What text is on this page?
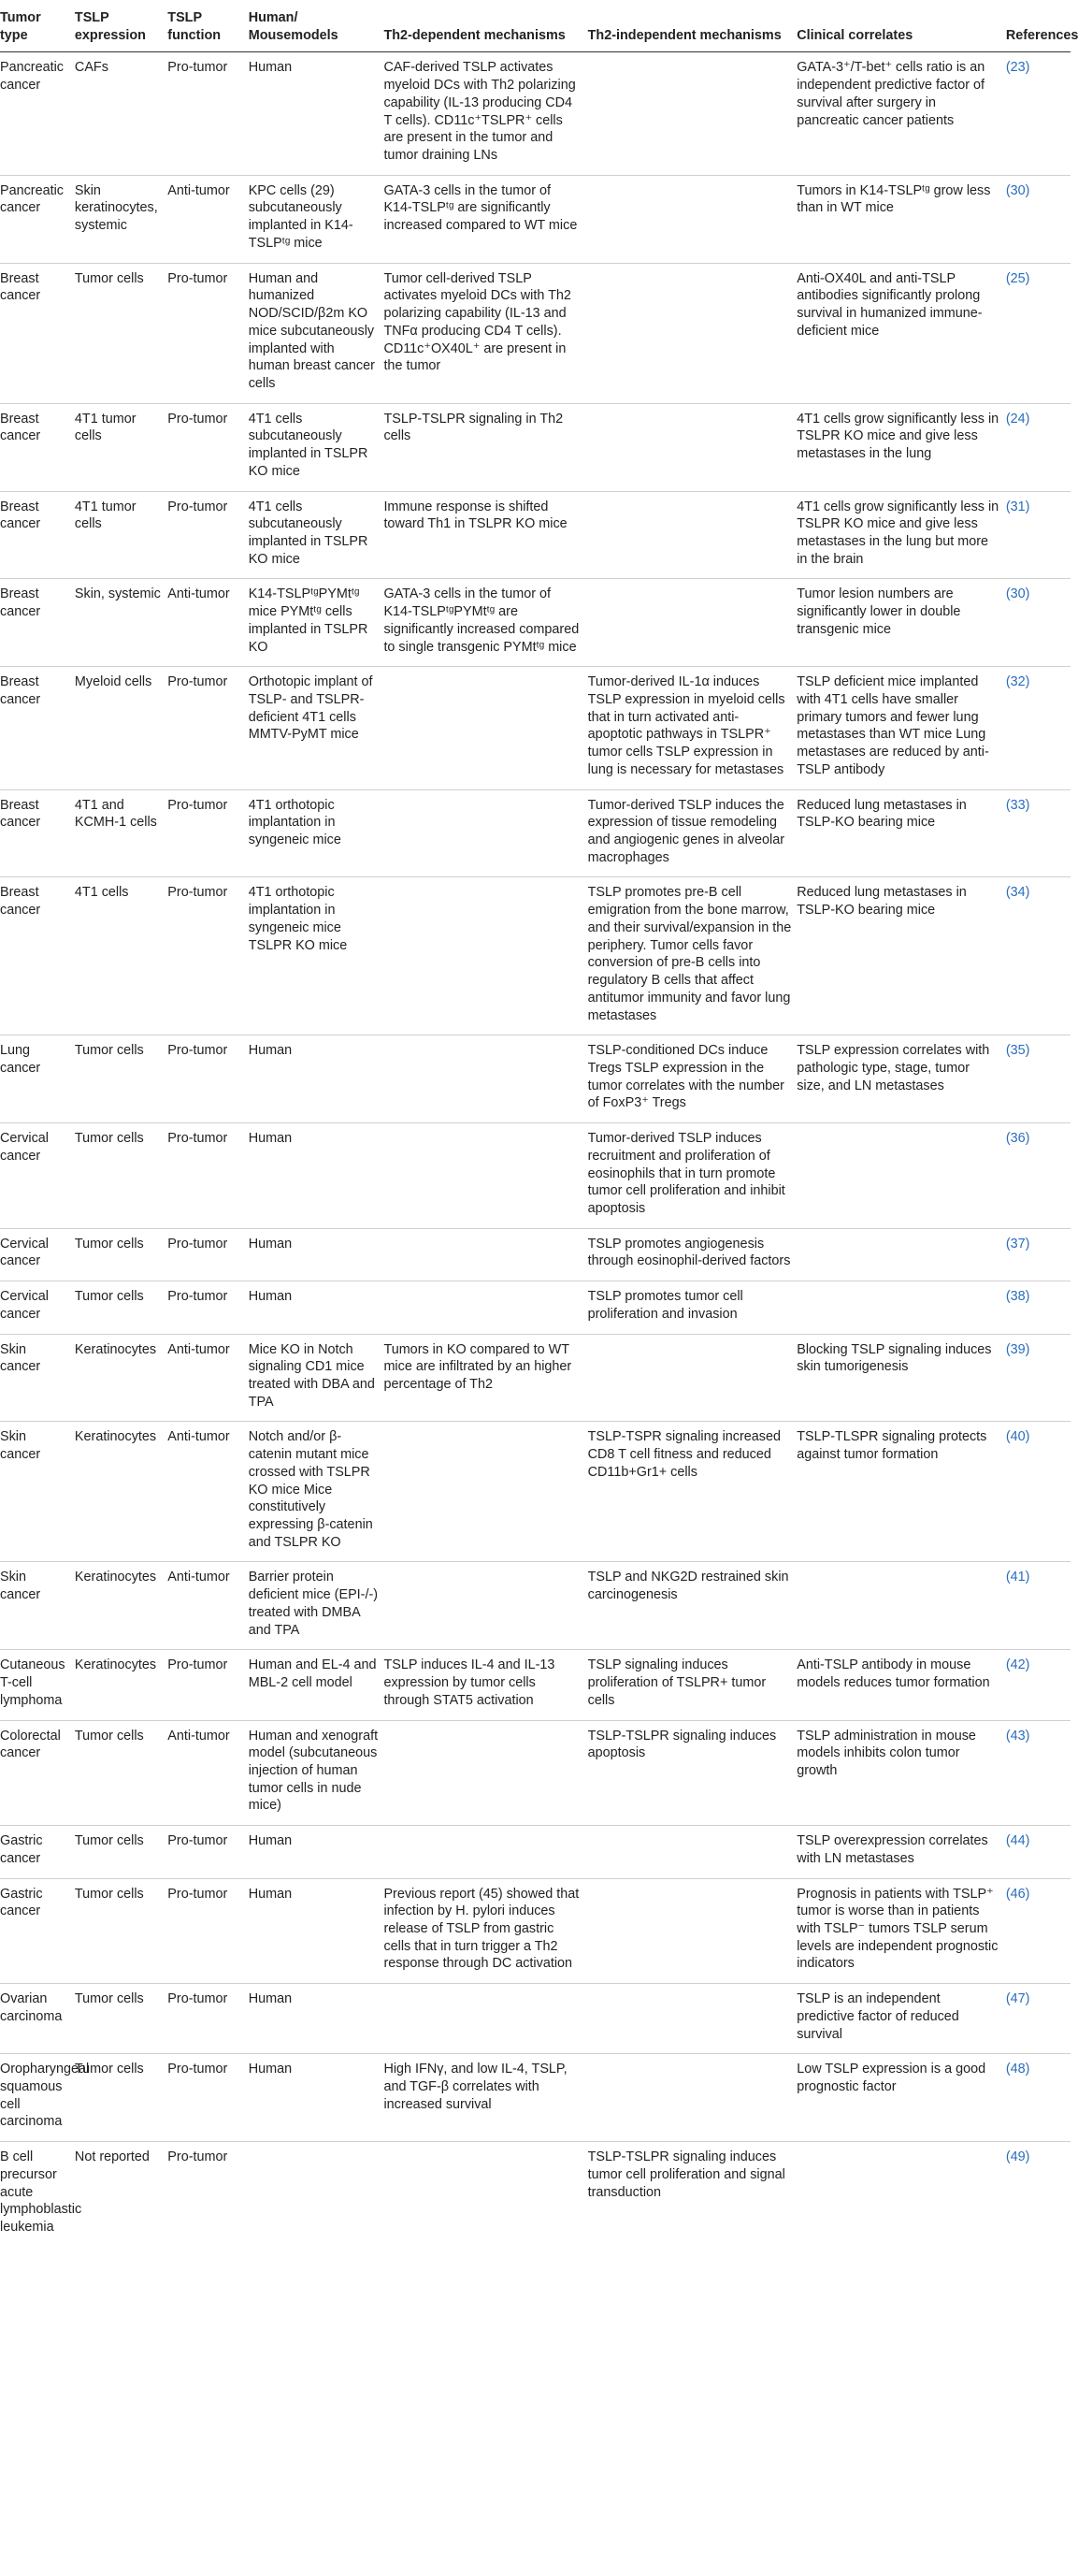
Tumor type	TSLP expression	TSLP function	Human/ Mousemodels	Th2-dependent mechanisms	Th2-independent mechanisms	Clinical correlates	References
Pancreatic cancer	CAFs	Pro-tumor	Human	CAF-derived TSLP activates myeloid DCs with Th2 polarizing capability (IL-13 producing CD4 T cells). CD11c⁺TSLPR⁺ cells are present in the tumor and tumor draining LNs		GATA-3⁺/T-bet⁺ cells ratio is an independent predictive factor of survival after surgery in pancreatic cancer patients	(23)
Pancreatic cancer	Skin keratinocytes, systemic	Anti-tumor	KPC cells (29) subcutaneously implanted in K14-TSLPᵗᵍ mice	GATA-3 cells in the tumor of K14-TSLPᵗᵍ are significantly increased compared to WT mice		Tumors in K14-TSLPᵗᵍ grow less than in WT mice	(30)
Breast cancer	Tumor cells	Pro-tumor	Human and humanized NOD/SCID/β2m KO mice subcutaneously implanted with human breast cancer cells	Tumor cell-derived TSLP activates myeloid DCs with Th2 polarizing capability (IL-13 and TNFα producing CD4 T cells). CD11c⁺OX40L⁺ are present in the tumor		Anti-OX40L and anti-TSLP antibodies significantly prolong survival in humanized immune-deficient mice	(25)
Breast cancer	4T1 tumor cells	Pro-tumor	4T1 cells subcutaneously implanted in TSLPR KO mice	TSLP-TSLPR signaling in Th2 cells		4T1 cells grow significantly less in TSLPR KO mice and give less metastases in the lung	(24)
Breast cancer	4T1 tumor cells	Pro-tumor	4T1 cells subcutaneously implanted in TSLPR KO mice	Immune response is shifted toward Th1 in TSLPR KO mice		4T1 cells grow significantly less in TSLPR KO mice and give less metastases in the lung but more in the brain	(31)
Breast cancer	Skin, systemic	Anti-tumor	K14-TSLPᵗᵍPYMtᵗᵍ mice PYMtᵗᵍ cells implanted in TSLPR KO	GATA-3 cells in the tumor of K14-TSLPᵗᵍPYMtᵗᵍ are significantly increased compared to single transgenic PYMtᵗᵍ mice		Tumor lesion numbers are significantly lower in double transgenic mice	(30)
Breast cancer	Myeloid cells	Pro-tumor	Orthotopic implant of TSLP- and TSLPR-deficient 4T1 cells MMTV-PyMT mice		Tumor-derived IL-1α induces TSLP expression in myeloid cells that in turn activated anti-apoptotic pathways in TSLPR⁺ tumor cells TSLP expression in lung is necessary for metastases	TSLP deficient mice implanted with 4T1 cells have smaller primary tumors and fewer lung metastases than WT mice Lung metastases are reduced by anti-TSLP antibody	(32)
Breast cancer	4T1 and KCMH-1 cells	Pro-tumor	4T1 orthotopic implantation in syngeneic mice		Tumor-derived TSLP induces the expression of tissue remodeling and angiogenic genes in alveolar macrophages	Reduced lung metastases in TSLP-KO bearing mice	(33)
Breast cancer	4T1 cells	Pro-tumor	4T1 orthotopic implantation in syngeneic mice TSLPR KO mice		TSLP promotes pre-B cell emigration from the bone marrow, and their survival/expansion in the periphery. Tumor cells favor conversion of pre-B cells into regulatory B cells that affect antitumor immunity and favor lung metastases	Reduced lung metastases in TSLP-KO bearing mice	(34)
Lung cancer	Tumor cells	Pro-tumor	Human		TSLP-conditioned DCs induce Tregs TSLP expression in the tumor correlates with the number of FoxP3⁺ Tregs	TSLP expression correlates with pathologic type, stage, tumor size, and LN metastases	(35)
Cervical cancer	Tumor cells	Pro-tumor	Human		Tumor-derived TSLP induces recruitment and proliferation of eosinophils that in turn promote tumor cell proliferation and inhibit apoptosis		(36)
Cervical cancer	Tumor cells	Pro-tumor	Human		TSLP promotes angiogenesis through eosinophil-derived factors		(37)
Cervical cancer	Tumor cells	Pro-tumor	Human		TSLP promotes tumor cell proliferation and invasion		(38)
Skin cancer	Keratinocytes	Anti-tumor	Mice KO in Notch signaling CD1 mice treated with DBA and TPA	Tumors in KO compared to WT mice are infiltrated by an higher percentage of Th2		Blocking TSLP signaling induces skin tumorigenesis	(39)
Skin cancer	Keratinocytes	Anti-tumor	Notch and/or β-catenin mutant mice crossed with TSLPR KO mice Mice constitutively expressing β-catenin and TSLPR KO		TSLP-TSPR signaling increased CD8 T cell fitness and reduced CD11b+Gr1+ cells	TSLP-TLSPR signaling protects against tumor formation	(40)
Skin cancer	Keratinocytes	Anti-tumor	Barrier protein deficient mice (EPI-/-) treated with DMBA and TPA		TSLP and NKG2D restrained skin carcinogenesis		(41)
Cutaneous T-cell lymphoma	Keratinocytes	Pro-tumor	Human and EL-4 and MBL-2 cell model	TSLP induces IL-4 and IL-13 expression by tumor cells through STAT5 activation	TSLP signaling induces proliferation of TSLPR+ tumor cells	Anti-TSLP antibody in mouse models reduces tumor formation	(42)
Colorectal cancer	Tumor cells	Anti-tumor	Human and xenograft model (subcutaneous injection of human tumor cells in nude mice)		TSLP-TSLPR signaling induces apoptosis	TSLP administration in mouse models inhibits colon tumor growth	(43)
Gastric cancer	Tumor cells	Pro-tumor	Human			TSLP overexpression correlates with LN metastases	(44)
Gastric cancer	Tumor cells	Pro-tumor	Human	Previous report (45) showed that infection by H. pylori induces release of TSLP from gastric cells that in turn trigger a Th2 response through DC activation		Prognosis in patients with TSLP⁺ tumor is worse than in patients with TSLP⁻ tumors TSLP serum levels are independent prognostic indicators	(46)
Ovarian carcinoma	Tumor cells	Pro-tumor	Human			TSLP is an independent predictive factor of reduced survival	(47)
Oropharyngeal squamous cell carcinoma	Tumor cells	Pro-tumor	Human	High IFNγ, and low IL-4, TSLP, and TGF-β correlates with increased survival		Low TSLP expression is a good prognostic factor	(48)
B cell precursor acute lymphoblastic leukemia	Not reported	Pro-tumor			TSLP-TSLPR signaling induces tumor cell proliferation and signal transduction		(49)
